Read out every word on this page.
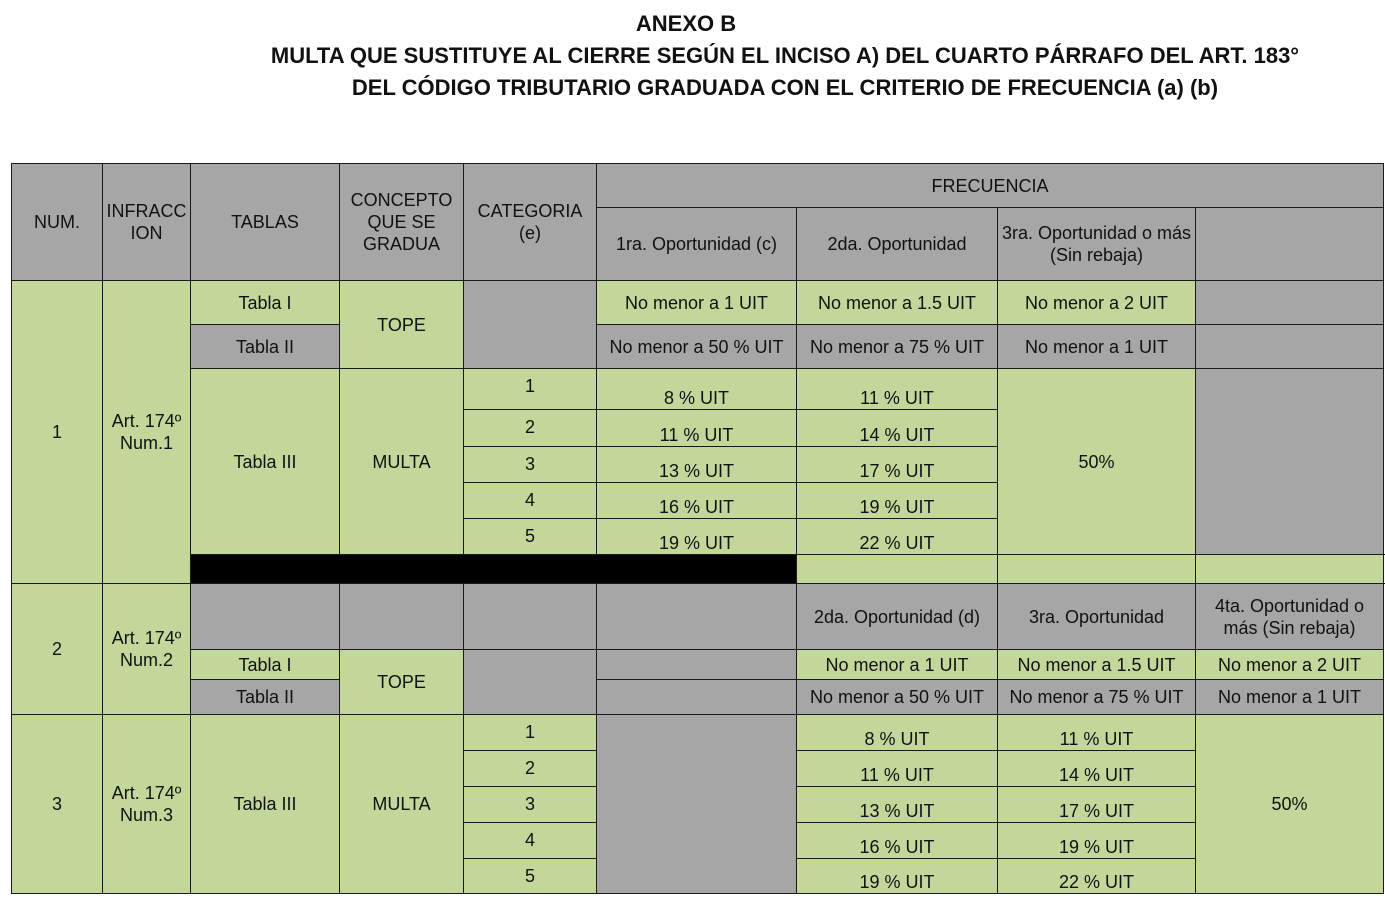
ANEXO B
MULTA QUE SUSTITUYE AL CIERRE SEGÚN EL INCISO A) DEL CUARTO PÁRRAFO DEL ART. 183°
DEL CÓDIGO TRIBUTARIO GRADUADA CON EL CRITERIO DE FRECUENCIA (a) (b)
NUM.	INFRACC ION	TABLAS	CONCEPTO QUE SE GRADUA	CATEGORIA (e)	FRECUENCIA				
					1ra. Oportunidad (c)	2da. Oportunidad	3ra. Oportunidad o más (Sin rebaja)		
1	Art. 174º Num.1	Tabla I	TOPE		No menor a 1 UIT	No menor a 1.5 UIT	No menor a 2 UIT		
		Tabla II			No menor a 50 % UIT	No menor a 75 % UIT	No menor a 1 UIT		
		Tabla III	MULTA	1	8 % UIT	11 % UIT	50%		
				2	11 % UIT	14 % UIT			
				3	13 % UIT	17 % UIT			
				4	16 % UIT	19 % UIT			
				5	19 % UIT	22 % UIT			

2	Art. 174º Num.2					2da. Oportunidad (d)	3ra. Oportunidad	4ta. Oportunidad o más (Sin rebaja)	
		Tabla I	TOPE			No menor a 1 UIT	No menor a 1.5 UIT	No menor a 2 UIT	
		Tabla II				No menor a 50 % UIT	No menor a 75 % UIT	No menor a 1 UIT	
3	Art. 174º Num.3	Tabla III	MULTA	1		8 % UIT	11 % UIT	50%	
				2		11 % UIT	14 % UIT		
				3		13 % UIT	17 % UIT		
				4		16 % UIT	19 % UIT		
				5		19 % UIT	22 % UIT		
